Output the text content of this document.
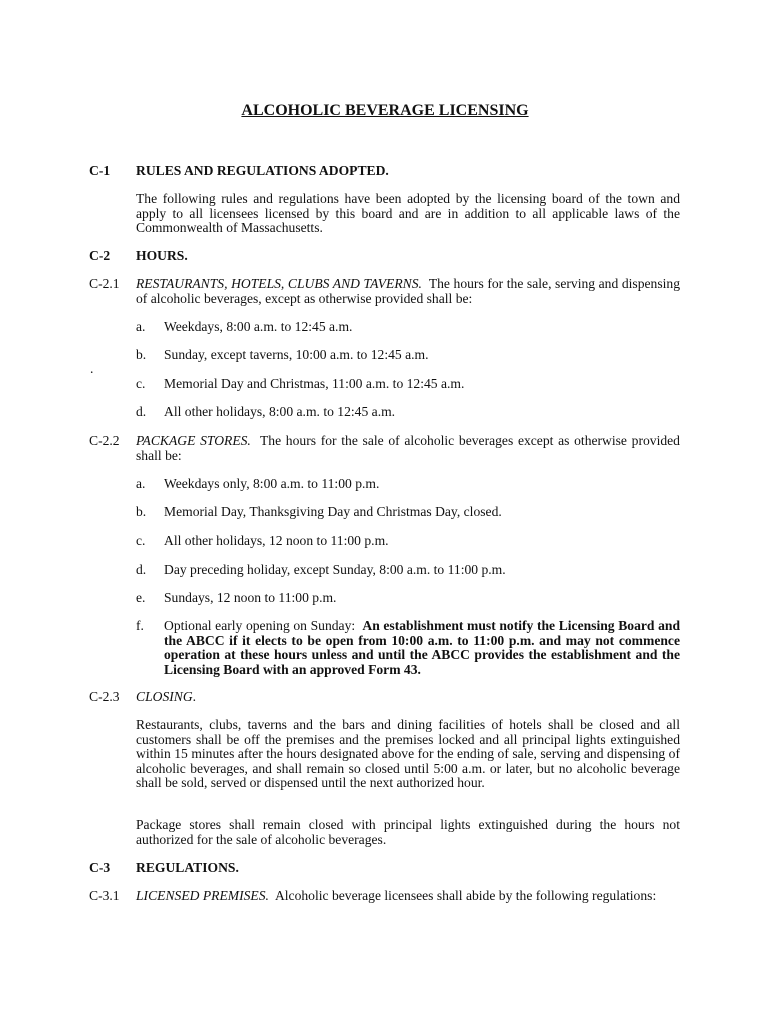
ALCOHOLIC BEVERAGE LICENSING
C-1 RULES AND REGULATIONS ADOPTED.
The following rules and regulations have been adopted by the licensing board of the town and apply to all licensees licensed by this board and are in addition to all applicable laws of the Commonwealth of Massachusetts.
C-2 HOURS.
C-2.1 RESTAURANTS, HOTELS, CLUBS AND TAVERNS. The hours for the sale, serving and dispensing of alcoholic beverages, except as otherwise provided shall be:
a. Weekdays, 8:00 a.m. to 12:45 a.m.
b. Sunday, except taverns, 10:00 a.m. to 12:45 a.m.
.
c. Memorial Day and Christmas, 11:00 a.m. to 12:45 a.m.
d. All other holidays, 8:00 a.m. to 12:45 a.m.
C-2.2 PACKAGE STORES. The hours for the sale of alcoholic beverages except as otherwise provided shall be:
a. Weekdays only, 8:00 a.m. to 11:00 p.m.
b. Memorial Day, Thanksgiving Day and Christmas Day, closed.
c. All other holidays, 12 noon to 11:00 p.m.
d. Day preceding holiday, except Sunday, 8:00 a.m. to 11:00 p.m.
e. Sundays, 12 noon to 11:00 p.m.
f. Optional early opening on Sunday: An establishment must notify the Licensing Board and the ABCC if it elects to be open from 10:00 a.m. to 11:00 p.m. and may not commence operation at these hours unless and until the ABCC provides the establishment and the Licensing Board with an approved Form 43.
C-2.3 CLOSING.
Restaurants, clubs, taverns and the bars and dining facilities of hotels shall be closed and all customers shall be off the premises and the premises locked and all principal lights extinguished within 15 minutes after the hours designated above for the ending of sale, serving and dispensing of alcoholic beverages, and shall remain so closed until 5:00 a.m. or later, but no alcoholic beverage shall be sold, served or dispensed until the next authorized hour.
Package stores shall remain closed with principal lights extinguished during the hours not authorized for the sale of alcoholic beverages.
C-3 REGULATIONS.
C-3.1 LICENSED PREMISES. Alcoholic beverage licensees shall abide by the following regulations:
